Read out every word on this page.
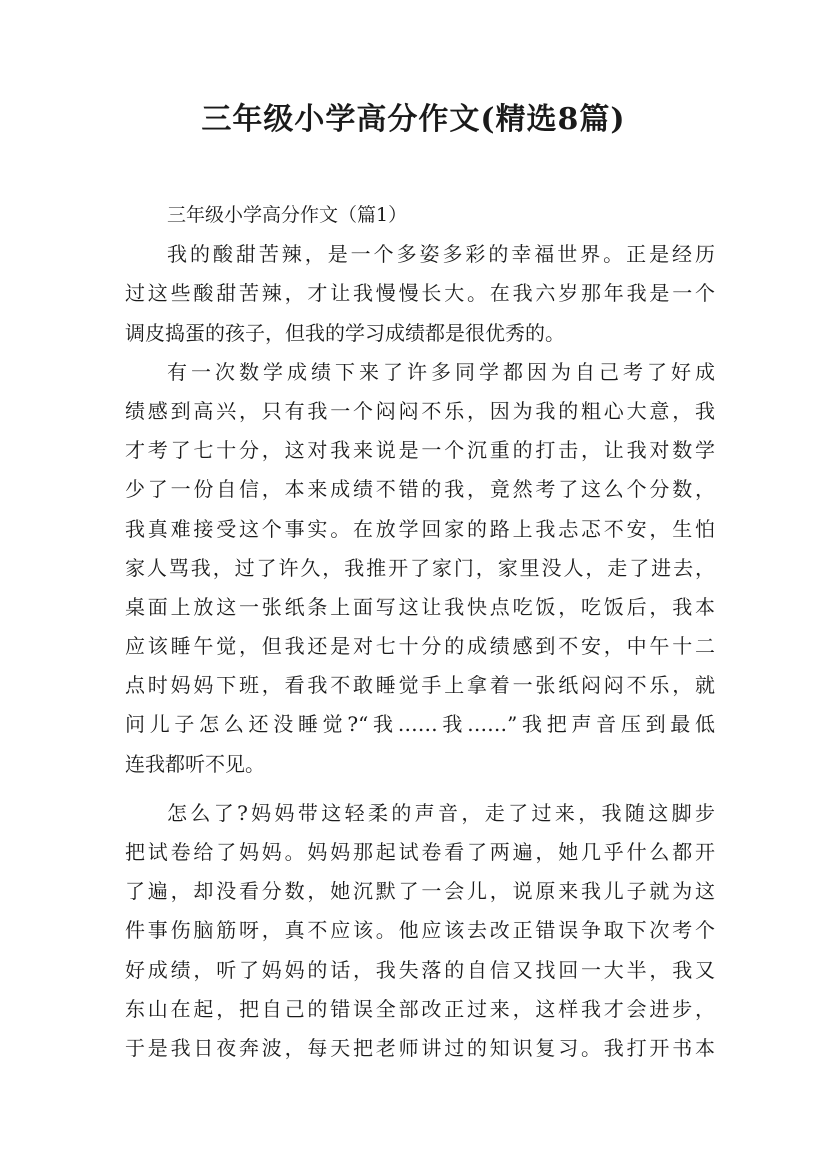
三年级小学高分作文(精选8篇)
三年级小学高分作文（篇1）
我的酸甜苦辣，是一个多姿多彩的幸福世界。正是经历
过这些酸甜苦辣，才让我慢慢长大。在我六岁那年我是一个
调皮捣蛋的孩子，但我的学习成绩都是很优秀的。
有一次数学成绩下来了许多同学都因为自己考了好成
绩感到高兴，只有我一个闷闷不乐，因为我的粗心大意，我
才考了七十分，这对我来说是一个沉重的打击，让我对数学
少了一份自信，本来成绩不错的我，竟然考了这么个分数，
我真难接受这个事实。在放学回家的路上我忐忑不安，生怕
家人骂我，过了许久，我推开了家门，家里没人，走了进去，
桌面上放这一张纸条上面写这让我快点吃饭，吃饭后，我本
应该睡午觉，但我还是对七十分的成绩感到不安，中午十二
点时妈妈下班，看我不敢睡觉手上拿着一张纸闷闷不乐，就
问儿子怎么还没睡觉?“我……我……”我把声音压到最低
连我都听不见。
怎么了?妈妈带这轻柔的声音，走了过来，我随这脚步
把试卷给了妈妈。妈妈那起试卷看了两遍，她几乎什么都开
了遍，却没看分数，她沉默了一会儿，说原来我儿子就为这
件事伤脑筋呀，真不应该。他应该去改正错误争取下次考个
好成绩，听了妈妈的话，我失落的自信又找回一大半，我又
东山在起，把自己的错误全部改正过来，这样我才会进步，
于是我日夜奔波，每天把老师讲过的知识复习。我打开书本
